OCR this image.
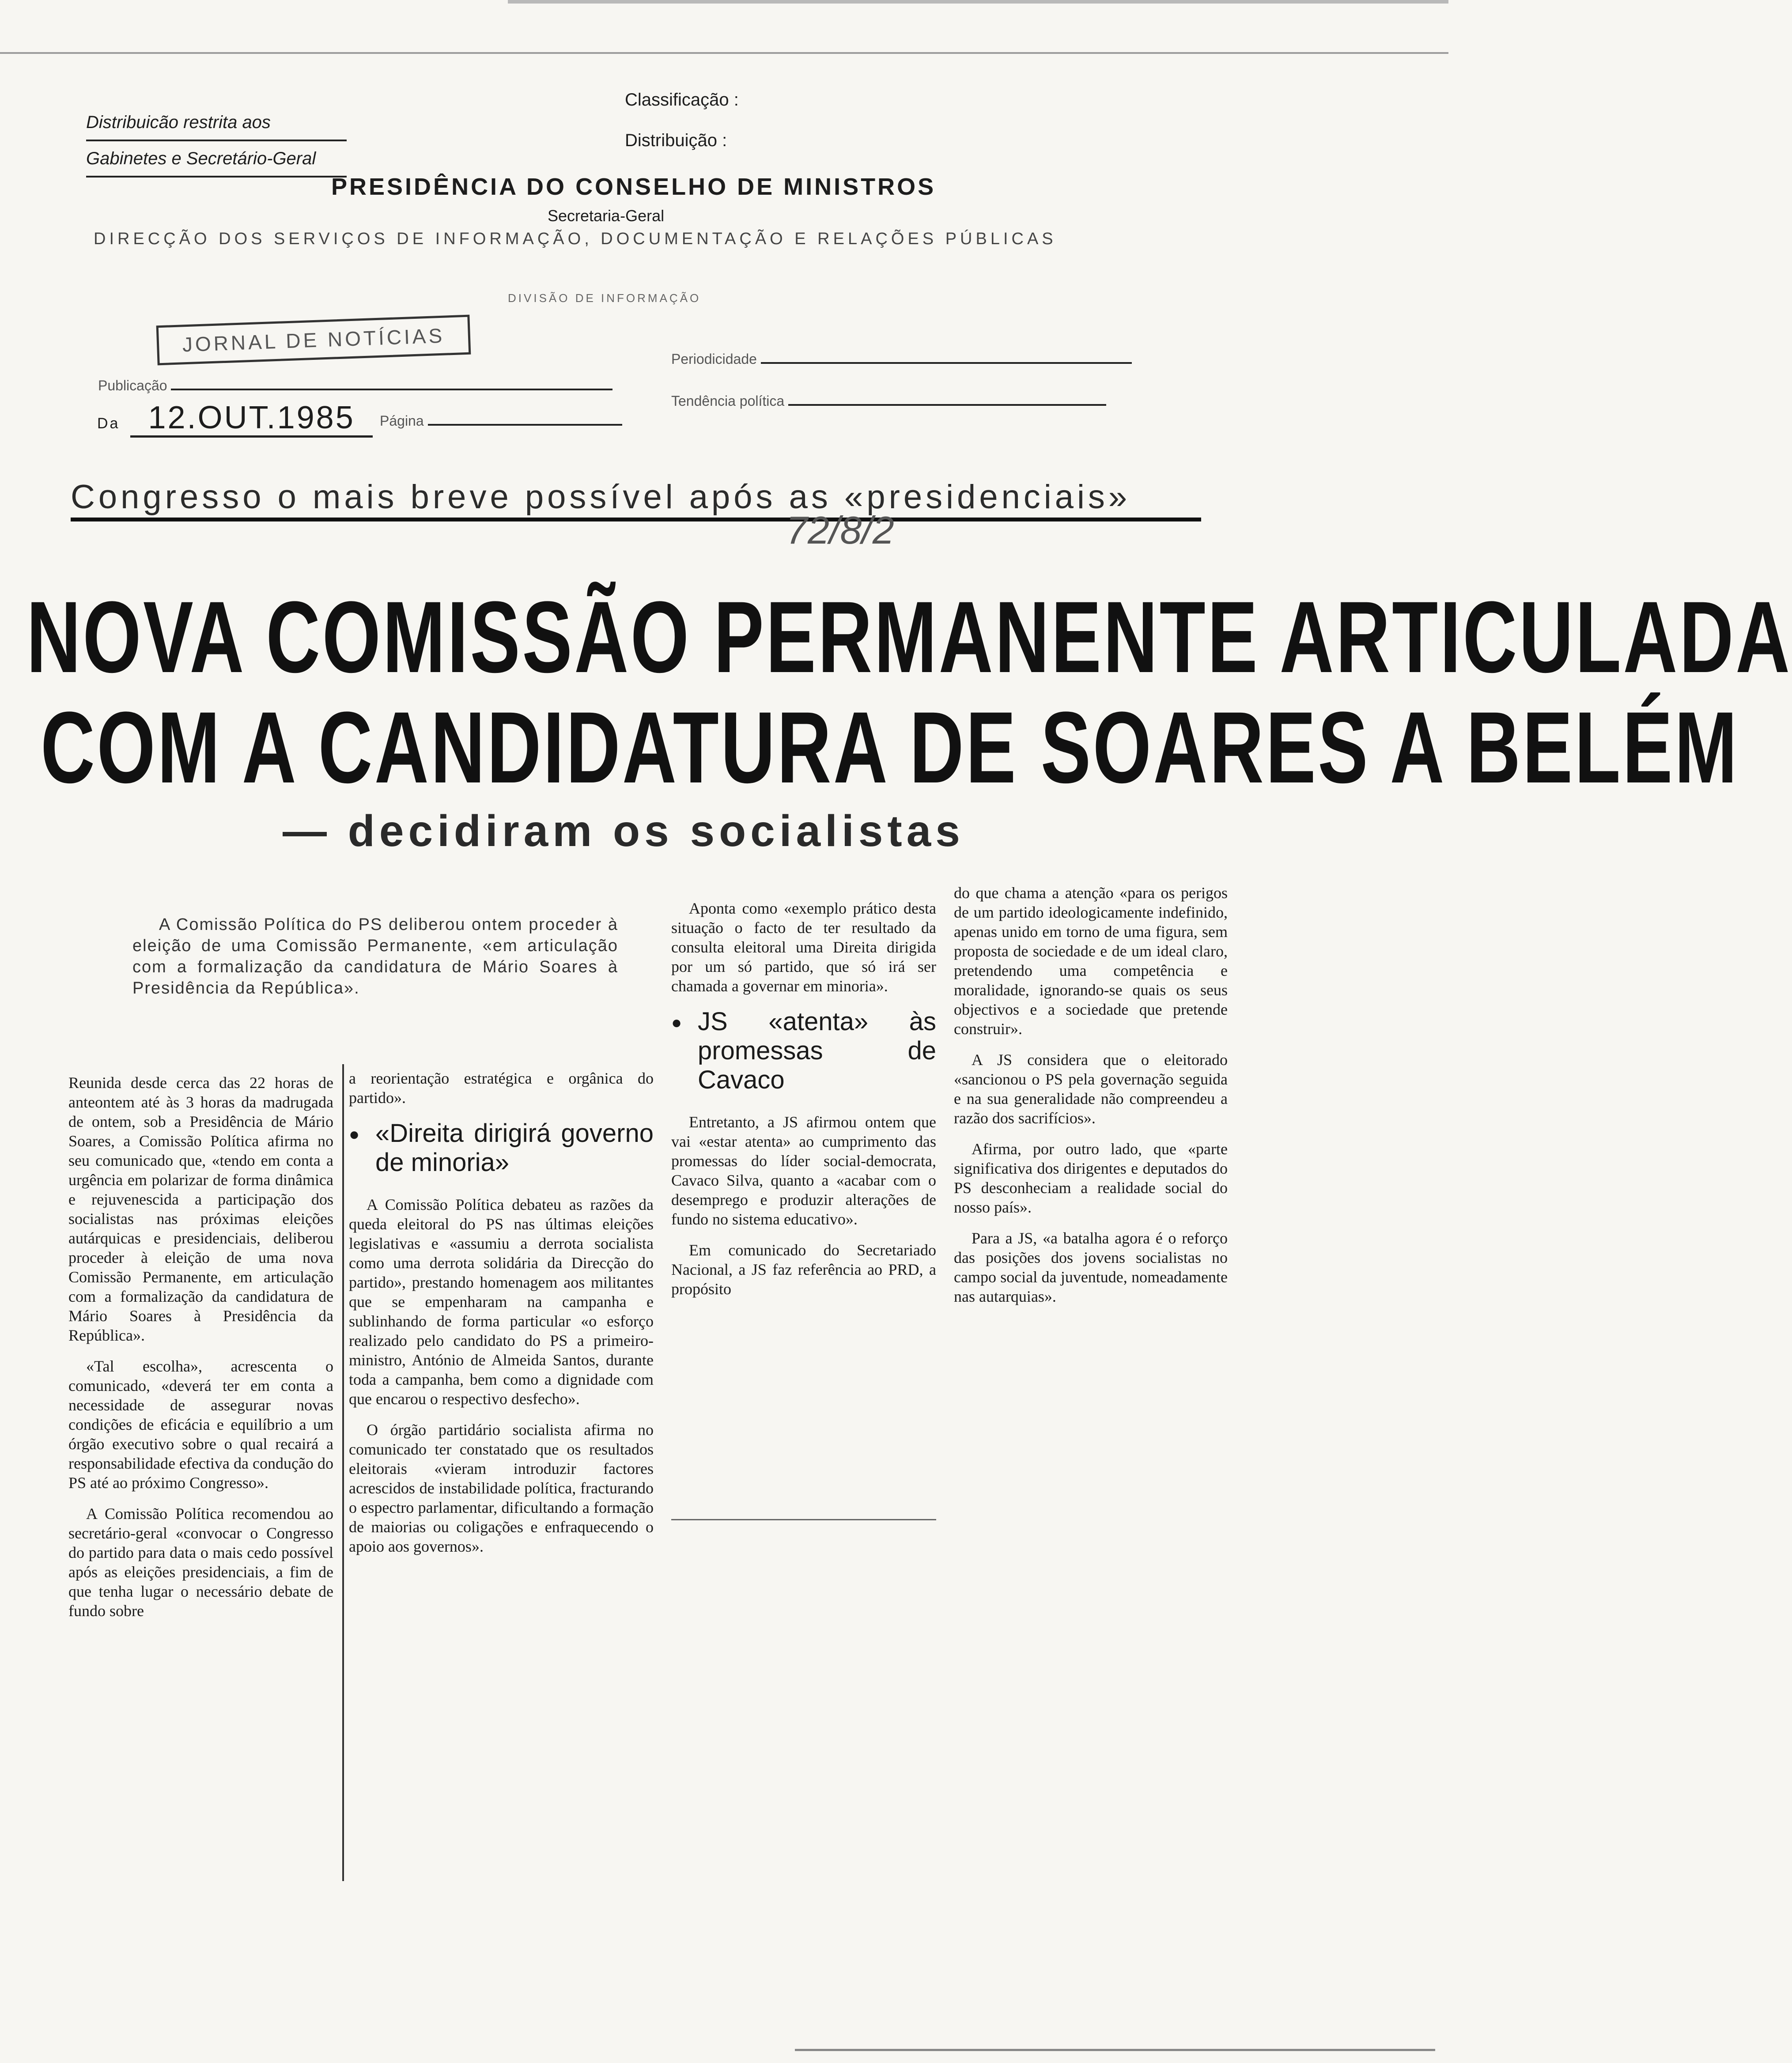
Distribuicão restrita aos
Gabinetes e Secretário-Geral
Classificação :
Distribuição :
PRESIDÊNCIA DO CONSELHO DE MINISTROS
Secretaria-Geral
DIRECÇÃO DOS SERVIÇOS DE INFORMAÇÃO, DOCUMENTAÇÃO E RELAÇÕES PÚBLICAS
DIVISÃO DE INFORMAÇÃO
JORNAL DE NOTÍCIAS
Publicação
Periodicidade
Tendência política
Página
Da 12.OUT.1985
Congresso o mais breve possível após as «presidenciais»
72/8/2
NOVA COMISSÃO PERMANENTE ARTICULADA
COM A CANDIDATURA DE SOARES A BELÉM
— decidiram os socialistas
A Comissão Política do PS deliberou ontem proceder à eleição de uma Comissão Permanente, «em articulação com a formalização da candidatura de Mário Soares à Presidência da República».

Reunida desde cerca das 22 horas de anteontem até às 3 horas da madrugada de ontem, sob a Presidência de Mário Soares, a Comissão Política afirma no seu comunicado que, «tendo em conta a urgência em polarizar de forma dinâmica e rejuvenescida a participação dos socialistas nas próximas eleições autárquicas e presidenciais, deliberou proceder à eleição de uma nova Comissão Permanente, em articulação com a formalização da candidatura de Mário Soares à Presidência da República».

«Tal escolha», acrescenta o comunicado, «deverá ter em conta a necessidade de assegurar novas condições de eficácia e equilíbrio a um órgão executivo sobre o qual recairá a responsabilidade efectiva da condução do PS até ao próximo Congresso».

A Comissão Política recomendou ao secretário-geral «convocar o Congresso do partido para data o mais cedo possível após as eleições presidenciais, a fim de que tenha lugar o necessário debate de fundo sobre

a reorientação estratégica e orgânica do partido».

● «Direita dirigirá governo de minoria»

A Comissão Política debateu as razões da queda eleitoral do PS nas últimas eleições legislativas e «assumiu a derrota socialista como uma derrota solidária da Direcção do partido», prestando homenagem aos militantes que se empenharam na campanha e sublinhando de forma particular «o esforço realizado pelo candidato do PS a primeiro-ministro, António de Almeida Santos, durante toda a campanha, bem como a dignidade com que encarou o respectivo desfecho».

O órgão partidário socialista afirma no comunicado ter constatado que os resultados eleitorais «vieram introduzir factores acrescidos de instabilidade política, fracturando o espectro parlamentar, dificultando a formação de maiorias ou coligações e enfraquecendo o apoio aos governos».

Aponta como «exemplo prático desta situação o facto de ter resultado da consulta eleitoral uma Direita dirigida por um só partido, que só irá ser chamada a governar em minoria».

● JS «atenta» às promessas de Cavaco

Entretanto, a JS afirmou ontem que vai «estar atenta» ao cumprimento das promessas do líder social-democrata, Cavaco Silva, quanto a «acabar com o desemprego e produzir alterações de fundo no sistema educativo».

Em comunicado do Secretariado Nacional, a JS faz referência ao PRD, a propósito

do que chama a atenção «para os perigos de um partido ideologicamente indefinido, apenas unido em torno de uma figura, sem proposta de sociedade e de um ideal claro, pretendendo uma competência e moralidade, ignorando-se quais os seus objectivos e a sociedade que pretende construir».

A JS considera que o eleitorado «sancionou o PS pela governação seguida e na sua generalidade não compreendeu a razão dos sacrifícios».

Afirma, por outro lado, que «parte significativa dos dirigentes e deputados do PS desconheciam a realidade social do nosso país».

Para a JS, «a batalha agora é o reforço das posições dos jovens socialistas no campo social da juventude, nomeadamente nas autarquias».
